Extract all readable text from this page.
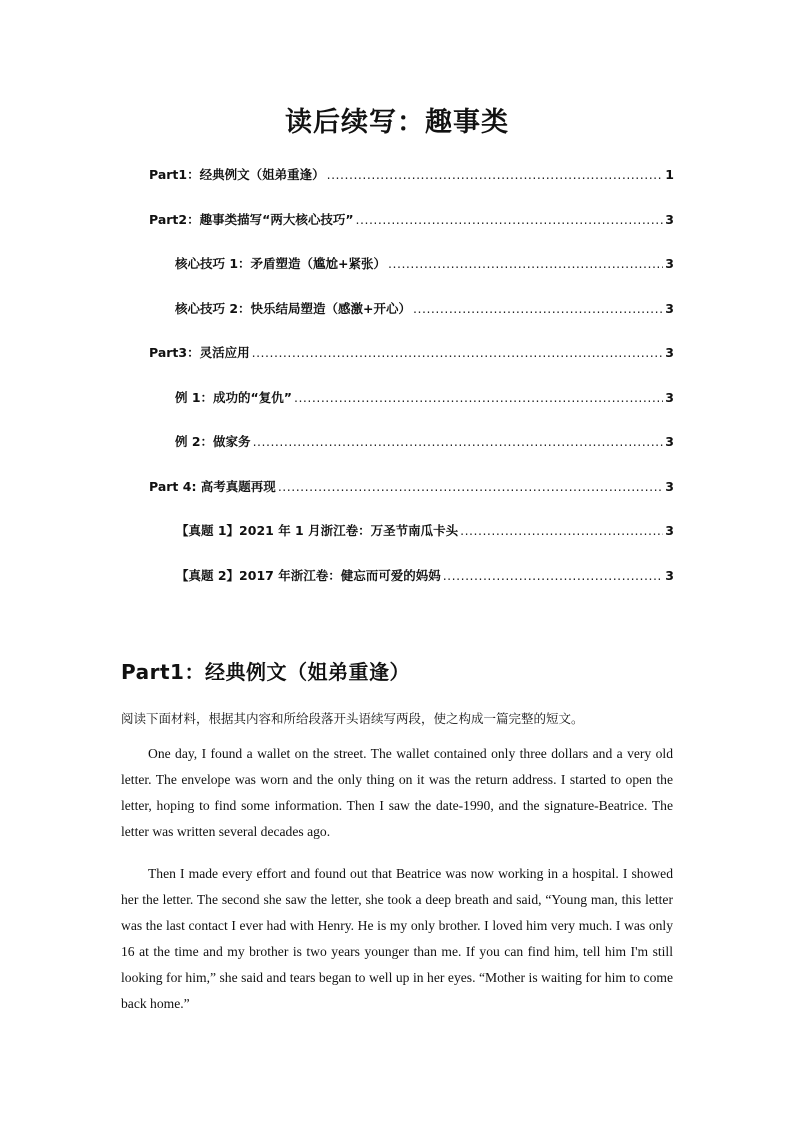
读后续写：趣事类
Part1：经典例文（姐弟重逢） .....	1
Part2：趣事类描写“两大核心技巧” .....	3
核心技巧 1：矛盾塑造（尴尬+紧张） .....	3
核心技巧 2：快乐结局塑造（感激+开心） .....	3
Part3：灵活应用 .....	3
例 1：成功的“复仇” .....	3
例 2：做家务 .....	3
Part 4: 高考真题再现 .....	3
【真题 1】2021 年 1 月浙江卷：万圣节南瓜卡头 .....	3
【真题 2】2017 年浙江卷：健忘而可爱的妈妈 .....	3
Part1：经典例文（姐弟重逢）

阅读下面材料，根据其内容和所给段落开头语续写两段，使之构成一篇完整的短文。

One day, I found a wallet on the street. The wallet contained only three dollars and a very old letter. The envelope was worn and the only thing on it was the return address. I started to open the letter, hoping to find some information. Then I saw the date-1990, and the signature-Beatrice. The letter was written several decades ago.

Then I made every effort and found out that Beatrice was now working in a hospital. I showed her the letter. The second she saw the letter, she took a deep breath and said, “Young man, this letter was the last contact I ever had with Henry. He is my only brother. I loved him very much. I was only 16 at the time and my brother is two years younger than me. If you can find him, tell him I'm still looking for him,” she said and tears began to well up in her eyes. “Mother is waiting for him to come back home.”
